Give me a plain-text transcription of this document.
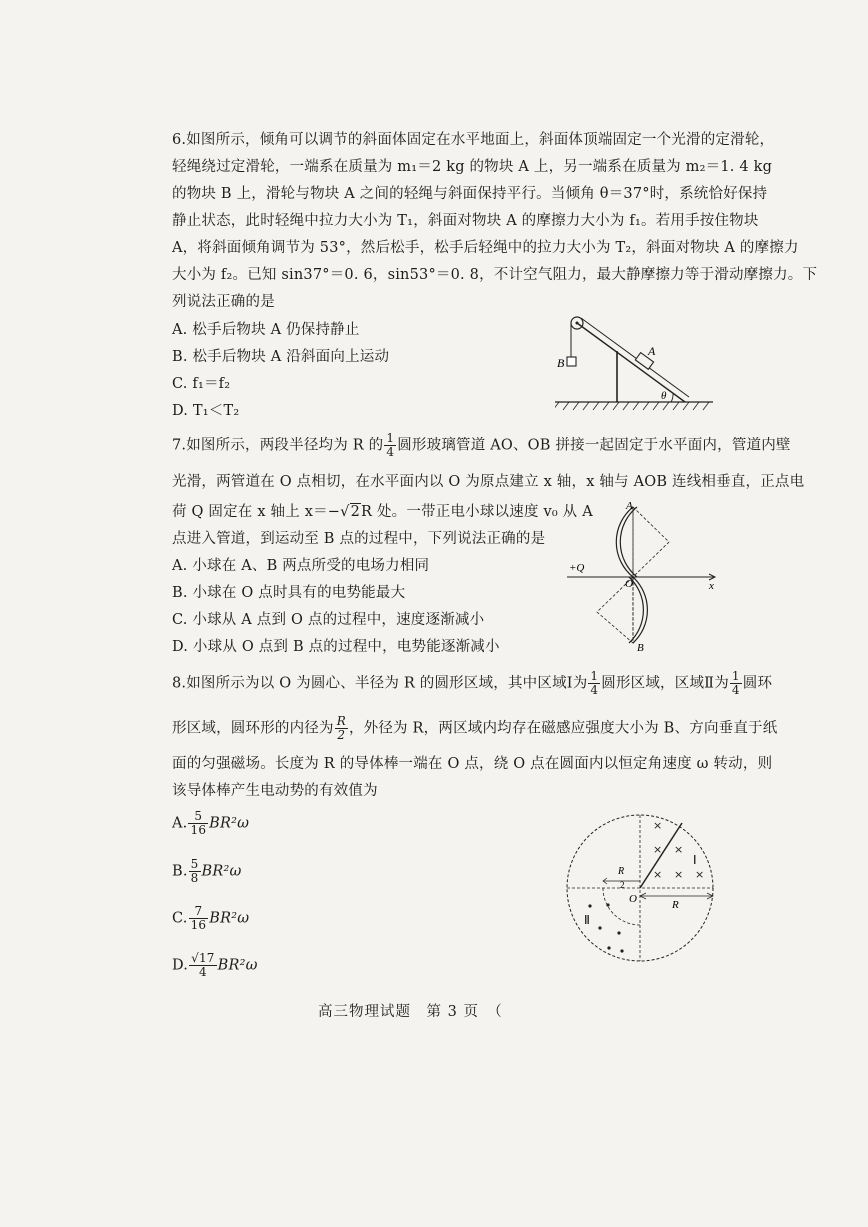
6.如图所示，倾角可以调节的斜面体固定在水平地面上，斜面体顶端固定一个光滑的定滑轮，
轻绳绕过定滑轮，一端系在质量为 m₁＝2 kg 的物块 A 上，另一端系在质量为 m₂＝1. 4 kg
的物块 B 上，滑轮与物块 A 之间的轻绳与斜面保持平行。当倾角 θ＝37°时，系统恰好保持
静止状态，此时轻绳中拉力大小为 T₁，斜面对物块 A 的摩擦力大小为 f₁。若用手按住物块
A，将斜面倾角调节为 53°，然后松手，松手后轻绳中的拉力大小为 T₂，斜面对物块 A 的摩擦力
大小为 f₂。已知 sin37°＝0. 6，sin53°＝0. 8，不计空气阻力，最大静摩擦力等于滑动摩擦力。下
列说法正确的是
A. 松手后物块 A 仍保持静止
B. 松手后物块 A 沿斜面向上运动
C. f₁＝f₂
D. T₁＜T₂
A
B
θ
7.如图所示，两段半径均为 R 的 $\frac{1}{4}$ 圆形玻璃管道 AO、OB 拼接一起固定于水平面内，管道内壁
光滑，两管道在 O 点相切，在水平面内以 O 为原点建立 x 轴，x 轴与 AOB 连线相垂直，正点电
荷 Q 固定在 x 轴上 x＝−√2R 处。一带正电小球以速度 v₀ 从 A
点进入管道，到运动至 B 点的过程中，下列说法正确的是
A. 小球在 A、B 两点所受的电场力相同
B. 小球在 O 点时具有的电势能最大
C. 小球从 A 点到 O 点的过程中，速度逐渐减小
D. 小球从 O 点到 B 点的过程中，电势能逐渐减小
A
B
O
+Q
x
8.如图所示为以 O 为圆心、半径为 R 的圆形区域，其中区域Ⅰ为 $\frac{1}{4}$ 圆形区域，区域Ⅱ为 $\frac{1}{4}$ 圆环
形区域，圆环形的内径为 $\frac{R}{2}$ ，外径为 R，两区域内均存在磁感应强度大小为 B、方向垂直于纸
面的匀强磁场。长度为 R 的导体棒一端在 O 点，绕 O 点在圆面内以恒定角速度 ω 转动，则
该导体棒产生电动势的有效值为
A. $\frac{5}{16} BR^2\omega$
B. $\frac{5}{8} BR^2\omega$
C. $\frac{7}{16} BR^2\omega$
D. $\frac{√17}{4} BR^2\omega$
×
× ×
× × ×
Ⅰ
Ⅱ
R
2
R
O
高三物理试题　第 3 页　（
